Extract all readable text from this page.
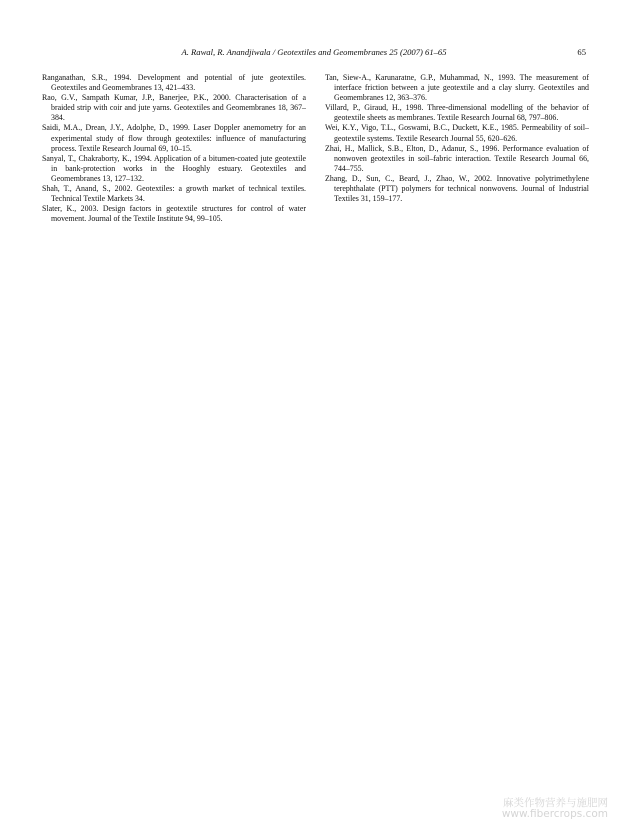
A. Rawal, R. Anandjiwala / Geotextiles and Geomembranes 25 (2007) 61–65	65

Ranganathan, S.R., 1994. Development and potential of jute geotextiles. Geotextiles and Geomembranes 13, 421–433.

Rao, G.V., Sampath Kumar, J.P., Banerjee, P.K., 2000. Characterisation of a braided strip with coir and jute yarns. Geotextiles and Geomembranes 18, 367–384.

Saidi, M.A., Drean, J.Y., Adolphe, D., 1999. Laser Doppler anemometry for an experimental study of flow through geotextiles: influence of manufacturing process. Textile Research Journal 69, 10–15.

Sanyal, T., Chakraborty, K., 1994. Application of a bitumen-coated jute geotextile in bank-protection works in the Hooghly estuary. Geotextiles and Geomembranes 13, 127–132.

Shah, T., Anand, S., 2002. Geotextiles: a growth market of technical textiles. Technical Textile Markets 34.

Slater, K., 2003. Design factors in geotextile structures for control of water movement. Journal of the Textile Institute 94, 99–105.

Tan, Siew-A., Karunaratne, G.P., Muhammad, N., 1993. The measurement of interface friction between a jute geotextile and a clay slurry. Geotextiles and Geomembranes 12, 363–376.

Villard, P., Giraud, H., 1998. Three-dimensional modelling of the behavior of geotextile sheets as membranes. Textile Research Journal 68, 797–806.

Wei, K.Y., Vigo, T.L., Goswami, B.C., Duckett, K.E., 1985. Permeability of soil–geotextile systems. Textile Research Journal 55, 620–626.

Zhai, H., Mallick, S.B., Elton, D., Adanur, S., 1996. Performance evaluation of nonwoven geotextiles in soil–fabric interaction. Textile Research Journal 66, 744–755.

Zhang, D., Sun, C., Beard, J., Zhao, W., 2002. Innovative polytrimethylene terephthalate (PTT) polymers for technical nonwovens. Journal of Industrial Textiles 31, 159–177.

麻类作物营养与施肥网
www.fibercrops.com
